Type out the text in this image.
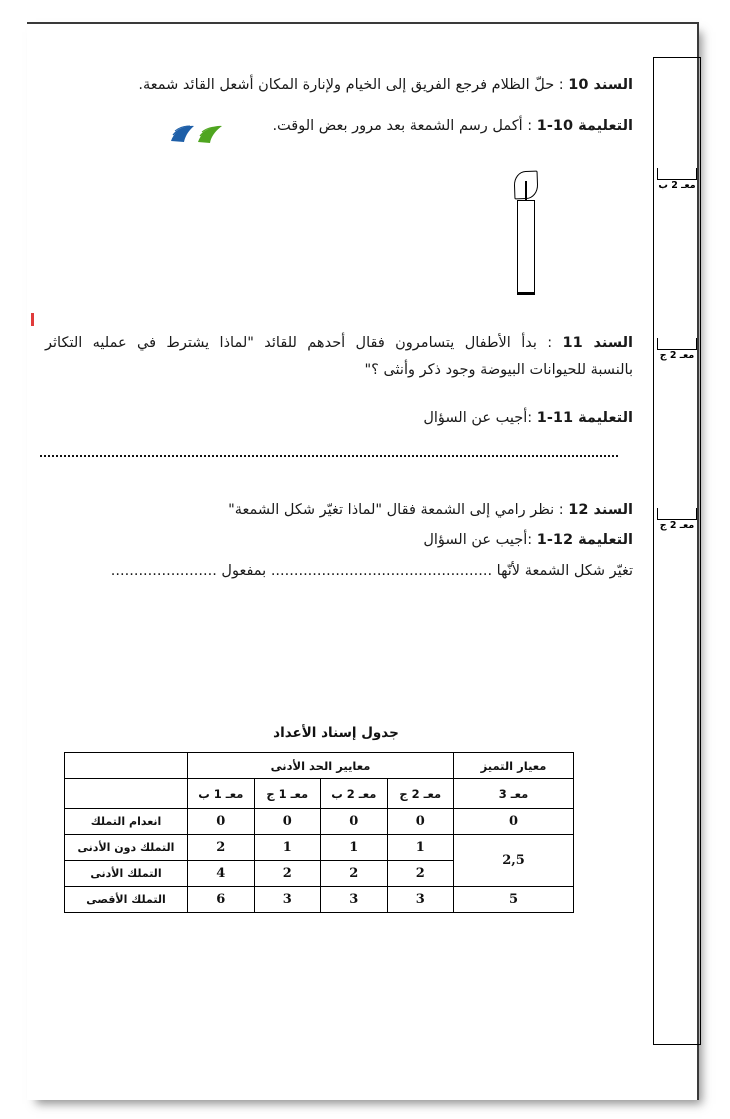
السند 10 : حلّ الظلام فرجع الفريق إلى الخيام ولإنارة المكان أشعل القائد شمعة.
التعليمة 10-1 : أكمل رسم الشمعة بعد مرور بعض الوقت.
السند 11 : بدأ الأطفال يتسامرون فقال أحدهم للقائد "لماذا يشترط في عمليه التكاثر
بالنسبة للحيوانات البيوضة وجود ذكر وأنثى ؟"
التعليمة 11-1 :أجيب عن السؤال
السند 12 : نظر رامي إلى الشمعة فقال "لماذا تغيّر شكل الشمعة"
التعليمة 12-1 :أجيب عن السؤال
تغيّر شكل الشمعة لأنّها ................................................ بمفعول .......................
معـ 2 ب
معـ 2 ج
معـ 2 ج
جدول إسناد الأعداد
معيار التميز	معايير الحد الأدنى				
معـ 3	معـ 2 ج	معـ 2 ب	معـ 1 ج	معـ 1 ب	
0	0	0	0	0	انعدام التملك
2,5	1	1	1	2	التملك دون الأدنى
	2	2	2	4	التملك الأدنى
5	3	3	3	6	التملك الأقصى
